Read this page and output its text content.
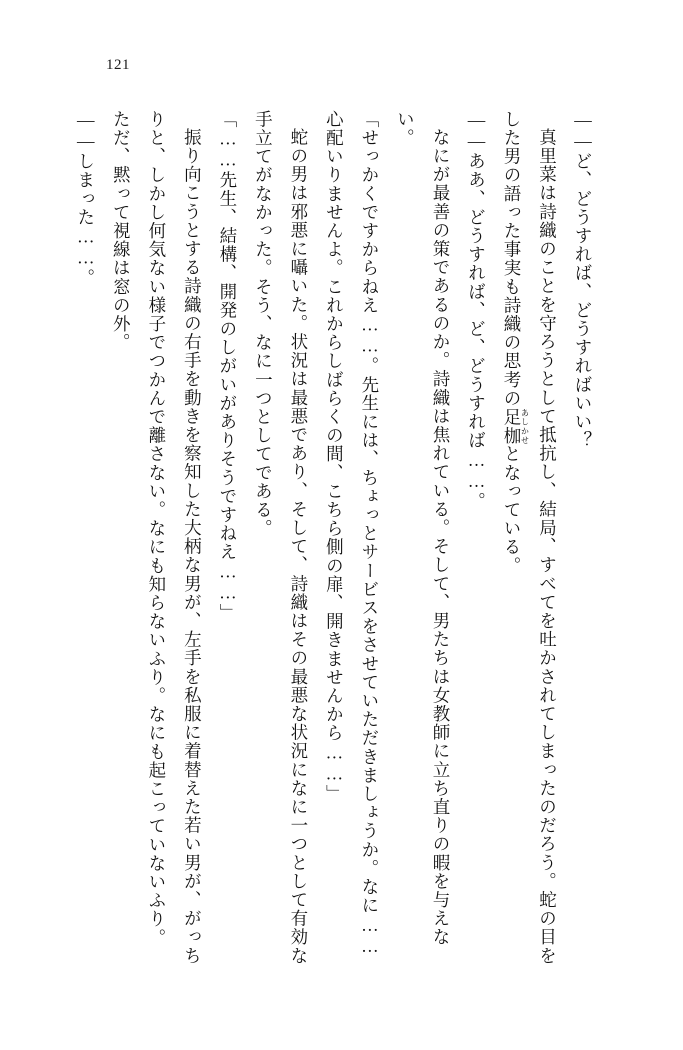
121

――ど、どうすれば、どうすればいい？

真里菜は詩織のことを守ろうとして抵抗し、結局、すべてを吐かされてしまったのだろう。蛇の目をした男の語った事実も詩織の思考の足枷あしかせとなっている。

――ああ、どうすれば、ど、どうすれば……。

なにが最善の策であるのか。詩織は焦れている。そして、男たちは女教師に立ち直りの暇を与えない。

「せっかくですからねえ……。先生には、ちょっとサービスをさせていただきましょうか。なに……心配いりませんよ。これからしばらくの間、こちら側の扉、開きませんから……」

蛇の男は邪悪に囁いた。状況は最悪であり、そして、詩織はその最悪な状況になに一つとして有効な手立てがなかった。そう、なに一つとしてである。

「……先生、結構、開発のしがいがありそうですねえ……」

振り向こうとする詩織の右手を動きを察知した大柄な男が、左手を私服に着替えた若い男が、がっちりと、しかし何気ない様子でつかんで離さない。なにも知らないふり。なにも起こっていないふり。ただ、黙って視線は窓の外。

――しまった……。
